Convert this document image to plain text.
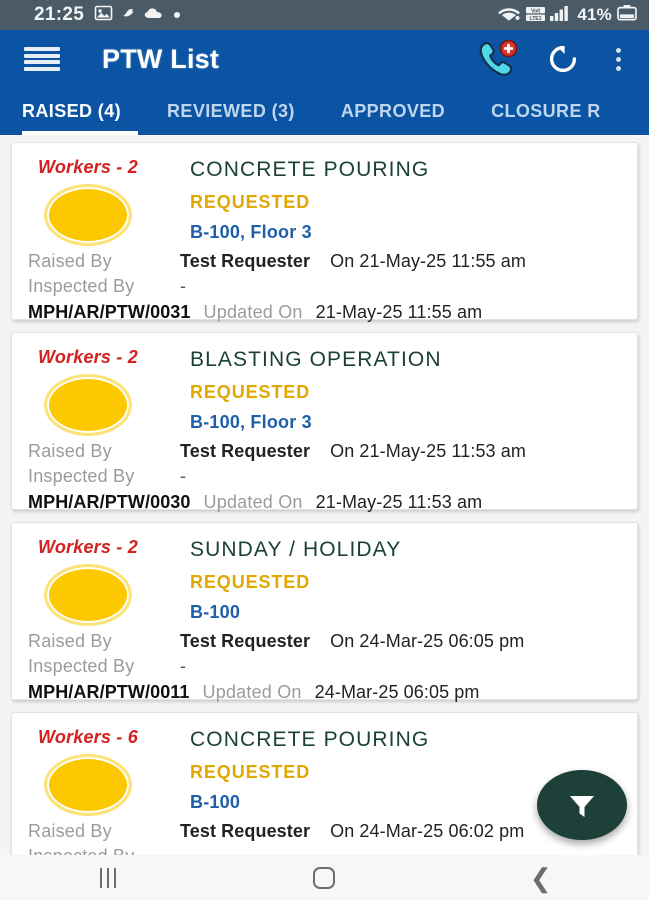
21:25	Volt
LTE1 41%
PTW List
RAISED (4)	REVIEWED (3)	APPROVED	CLOSURE R
Workers - 2	CONCRETE POURING
REQUESTED
B-100, Floor 3
Raised By	Test Requester On 21-May-25 11:55 am
Inspected By	-
MPH/AR/PTW/0031 Updated On 21-May-25 11:55 am
Workers - 2	BLASTING OPERATION
REQUESTED
B-100, Floor 3
Raised By	Test Requester On 21-May-25 11:53 am
Inspected By	-
MPH/AR/PTW/0030 Updated On 21-May-25 11:53 am
Workers - 2	SUNDAY / HOLIDAY
REQUESTED
B-100
Raised By	Test Requester On 24-Mar-25 06:05 pm
Inspected By	-
MPH/AR/PTW/0011 Updated On 24-Mar-25 06:05 pm
Workers - 6	CONCRETE POURING
REQUESTED
B-100
Raised By	Test Requester On 24-Mar-25 06:02 pm
❮
